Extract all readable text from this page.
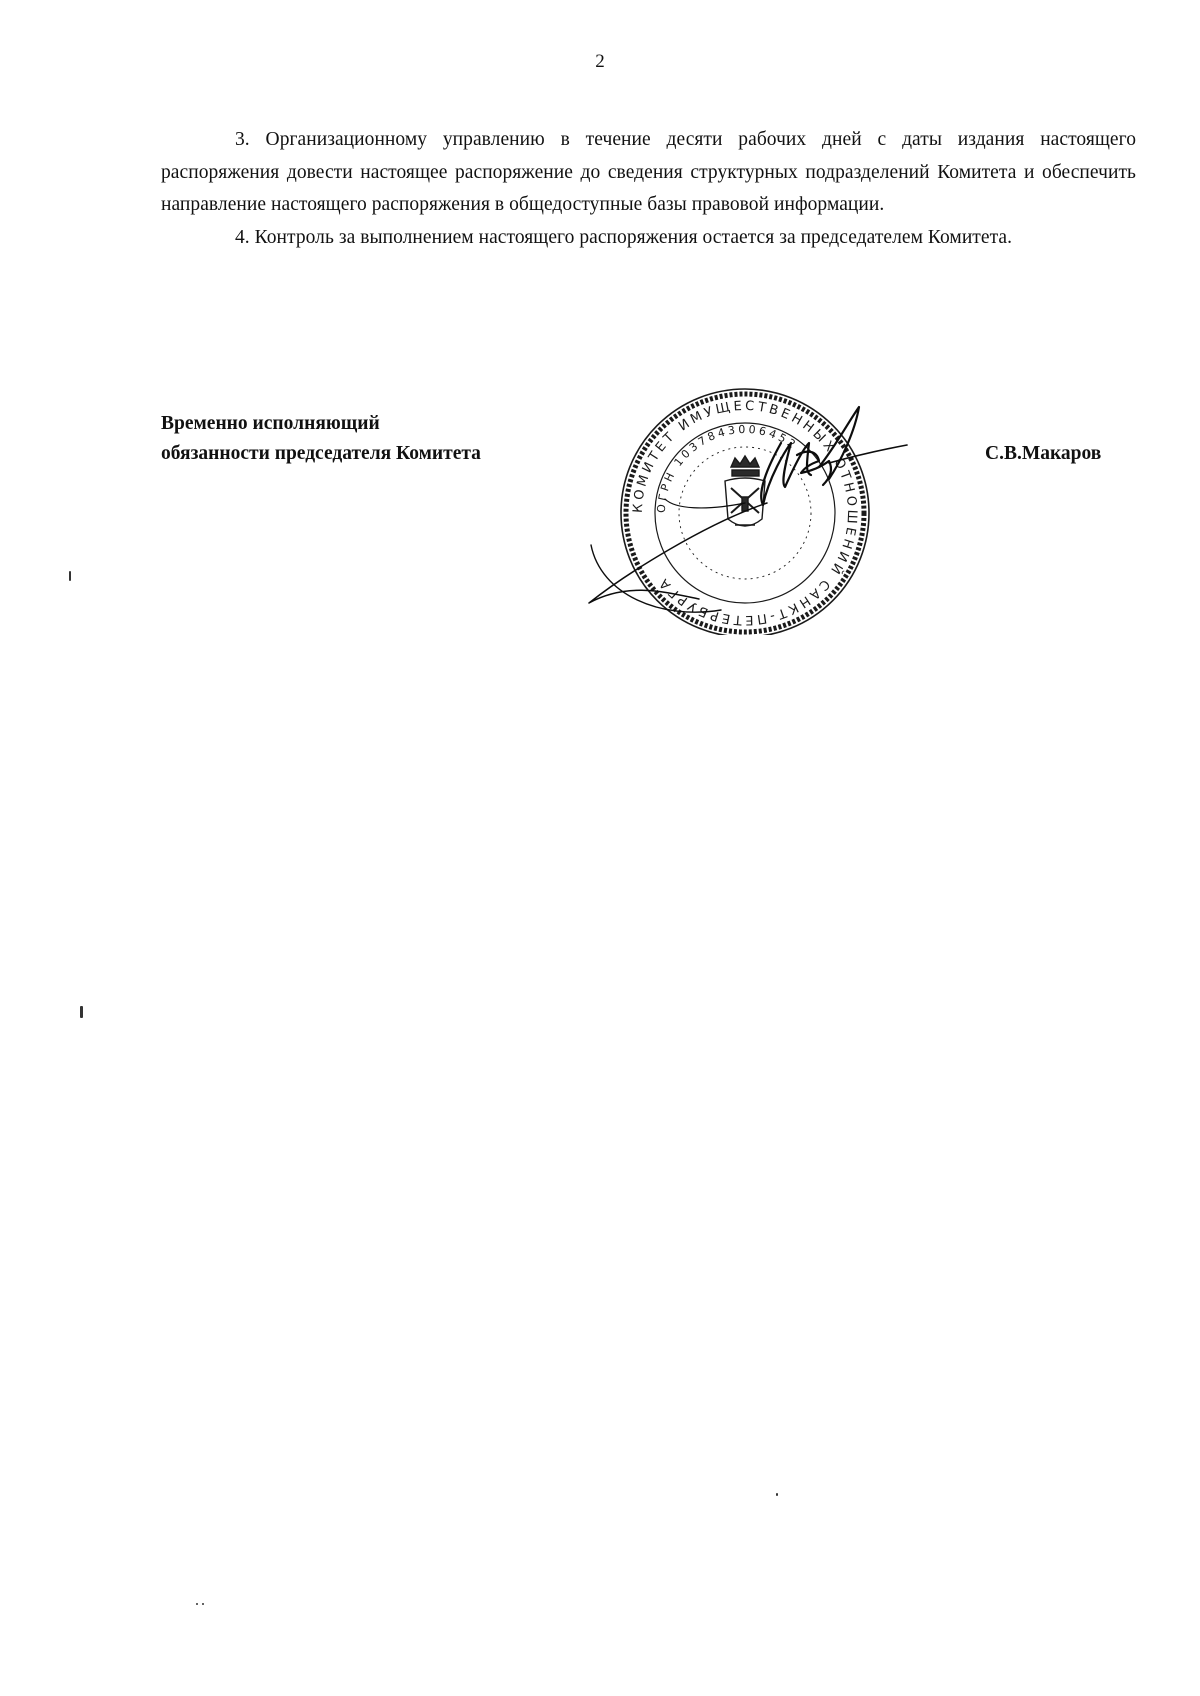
2

3. Организационному управлению в течение десяти рабочих дней с даты издания настоящего распоряжения довести настоящее распоряжение до сведения структурных подразделений Комитета и обеспечить направление настоящего распоряжения в общедоступные базы правовой информации.

4. Контроль за выполнением настоящего распоряжения остается за председателем Комитета.

Временно исполняющий
обязанности председателя Комитета	С.В.Макаров
КОМИТЕТ ИМУЩЕСТВЕННЫХ ОТНОШЕНИЙ САНКТ-ПЕТЕРБУРГА
ОГРН 1037843006452
